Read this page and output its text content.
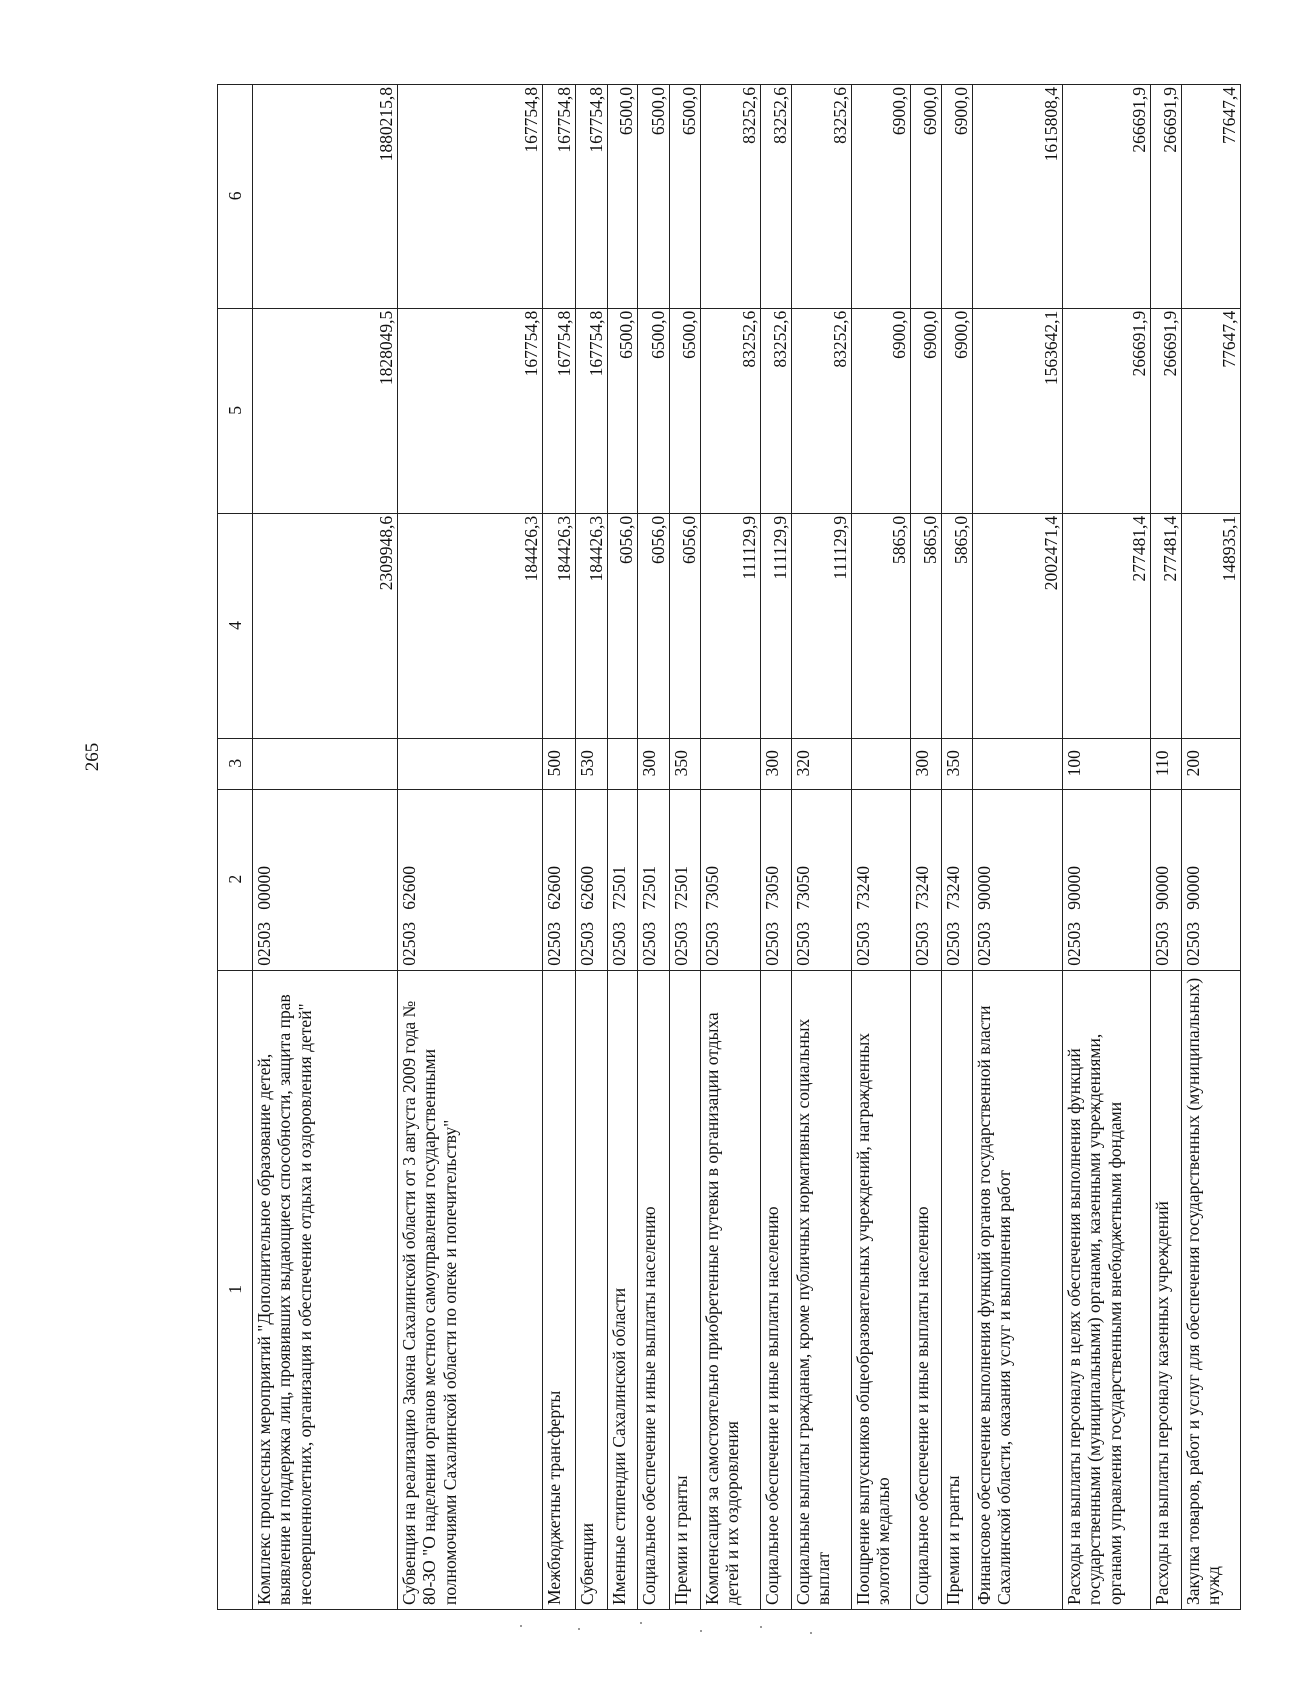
265
1	2	3	4	5	6
Комплекс процессных мероприятий "Дополнительное образование детей, выявление и поддержка лиц, проявивших выдающиеся способности, защита прав несовершеннолетних, организация и обеспечение отдыха и оздоровления детей"	0250300000		2309948,6	1828049,5	1880215,8
Субвенция на реализацию Закона Сахалинской области от 3 августа 2009 года № 80-ЗО "О наделении органов местного самоуправления государственными полномочиями Сахалинской области по опеке и попечительству"	0250362600		184426,3	167754,8	167754,8
Межбюджетные трансферты	0250362600	500	184426,3	167754,8	167754,8
Субвенции	0250362600	530	184426,3	167754,8	167754,8
Именные стипендии Сахалинской области	0250372501		6056,0	6500,0	6500,0
Социальное обеспечение и иные выплаты населению	0250372501	300	6056,0	6500,0	6500,0
Премии и гранты	0250372501	350	6056,0	6500,0	6500,0
Компенсация за самостоятельно приобретенные путевки в организации отдыха детей и их оздоровления	0250373050		111129,9	83252,6	83252,6
Социальное обеспечение и иные выплаты населению	0250373050	300	111129,9	83252,6	83252,6
Социальные выплаты гражданам, кроме публичных нормативных социальных выплат	0250373050	320	111129,9	83252,6	83252,6
Поощрение выпускников общеобразовательных учреждений, награжденных золотой медалью	0250373240		5865,0	6900,0	6900,0
Социальное обеспечение и иные выплаты населению	0250373240	300	5865,0	6900,0	6900,0
Премии и гранты	0250373240	350	5865,0	6900,0	6900,0
Финансовое обеспечение выполнения функций органов государственной власти Сахалинской области, оказания услуг и выполнения работ	0250390000		2002471,4	1563642,1	1615808,4
Расходы на выплаты персоналу в целях обеспечения выполнения функций государственными (муниципальными) органами, казенными учреждениями, органами управления государственными внебюджетными фондами	0250390000	100	277481,4	266691,9	266691,9
Расходы на выплаты персоналу казенных учреждений	0250390000	110	277481,4	266691,9	266691,9
Закупка товаров, работ и услуг для обеспечения государственных (муниципальных) нужд	0250390000	200	148935,1	77647,4	77647,4
